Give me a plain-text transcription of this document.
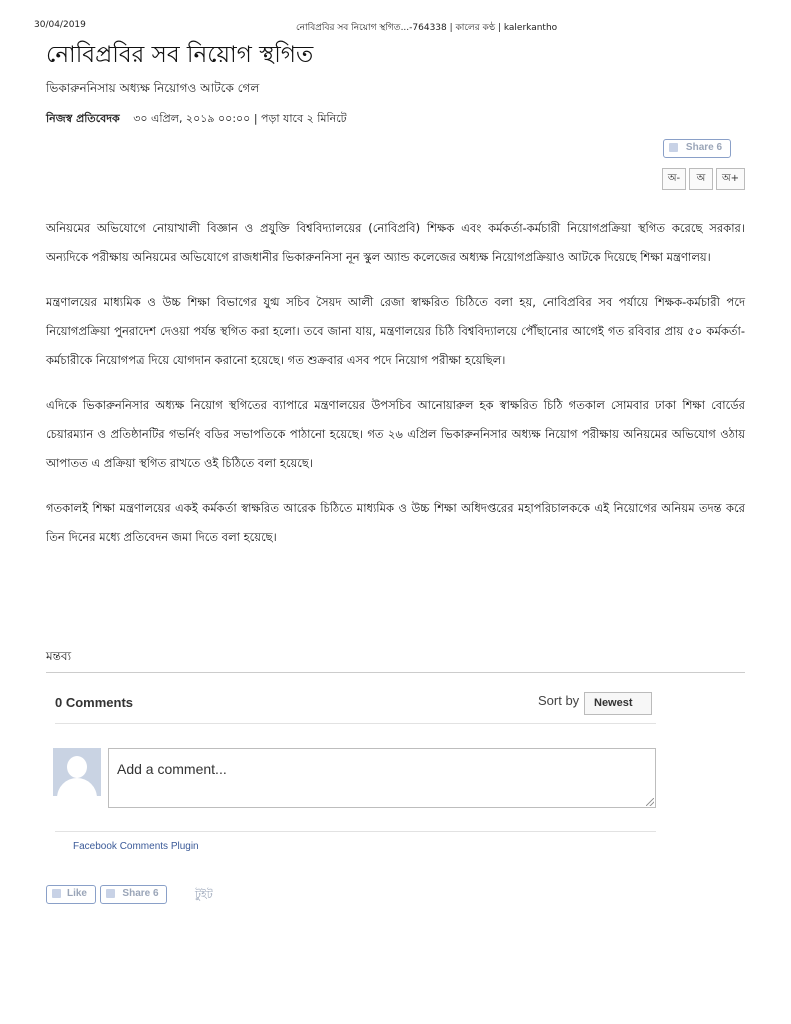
30/04/2019	নোবিপ্রবির সব নিয়োগ স্থগিত...-764338 | কালের কণ্ঠ | kalerkantho
নোবিপ্রবির সব নিয়োগ স্থগিত
ভিকারুননিসায় অধ্যক্ষ নিয়োগও আটকে গেল
নিজস্ব প্রতিবেদক ৩০ এপ্রিল, ২০১৯ ০০:০০ | পড়া যাবে ২ মিনিটে
Share 6
অ-	অ	অ+

অনিয়মের অভিযোগে নোয়াখালী বিজ্ঞান ও প্রযুক্তি বিশ্ববিদ্যালয়ের (নোবিপ্রবি) শিক্ষক এবং কর্মকর্তা-কর্মচারী নিয়োগপ্রক্রিয়া স্থগিত করেছে সরকার। অন্যদিকে পরীক্ষায় অনিয়মের অভিযোগে রাজধানীর ভিকারুননিসা নূন স্কুল অ্যান্ড কলেজের অধ্যক্ষ নিয়োগপ্রক্রিয়াও আটকে দিয়েছে শিক্ষা মন্ত্রণালয়।

মন্ত্রণালয়ের মাধ্যমিক ও উচ্চ শিক্ষা বিভাগের যুগ্ম সচিব সৈয়দ আলী রেজা স্বাক্ষরিত চিঠিতে বলা হয়, নোবিপ্রবির সব পর্যায়ে শিক্ষক-কর্মচারী পদে নিয়োগপ্রক্রিয়া পুনরাদেশ দেওয়া পর্যন্ত স্থগিত করা হলো। তবে জানা যায়, মন্ত্রণালয়ের চিঠি বিশ্ববিদ্যালয়ে পৌঁছানোর আগেই গত রবিবার প্রায় ৫০ কর্মকর্তা-কর্মচারীকে নিয়োগপত্র দিয়ে যোগদান করানো হয়েছে। গত শুক্রবার এসব পদে নিয়োগ পরীক্ষা হয়েছিল।

এদিকে ভিকারুননিসার অধ্যক্ষ নিয়োগ স্থগিতের ব্যাপারে মন্ত্রণালয়ের উপসচিব আনোয়ারুল হক স্বাক্ষরিত চিঠি গতকাল সোমবার ঢাকা শিক্ষা বোর্ডের চেয়ারম্যান ও প্রতিষ্ঠানটির গভর্নিং বডির সভাপতিকে পাঠানো হয়েছে। গত ২৬ এপ্রিল ভিকারুননিসার অধ্যক্ষ নিয়োগ পরীক্ষায় অনিয়মের অভিযোগ ওঠায় আপাতত এ প্রক্রিয়া স্থগিত রাখতে ওই চিঠিতে বলা হয়েছে।

গতকালই শিক্ষা মন্ত্রণালয়ের একই কর্মকর্তা স্বাক্ষরিত আরেক চিঠিতে মাধ্যমিক ও উচ্চ শিক্ষা অধিদপ্তরের মহাপরিচালককে এই নিয়োগের অনিয়ম তদন্ত করে তিন দিনের মধ্যে প্রতিবেদন জমা দিতে বলা হয়েছে।

মন্তব্য
0 Comments	Sort by	Newest
Add a comment...
Facebook Comments Plugin
Like	Share 6	টুইট
